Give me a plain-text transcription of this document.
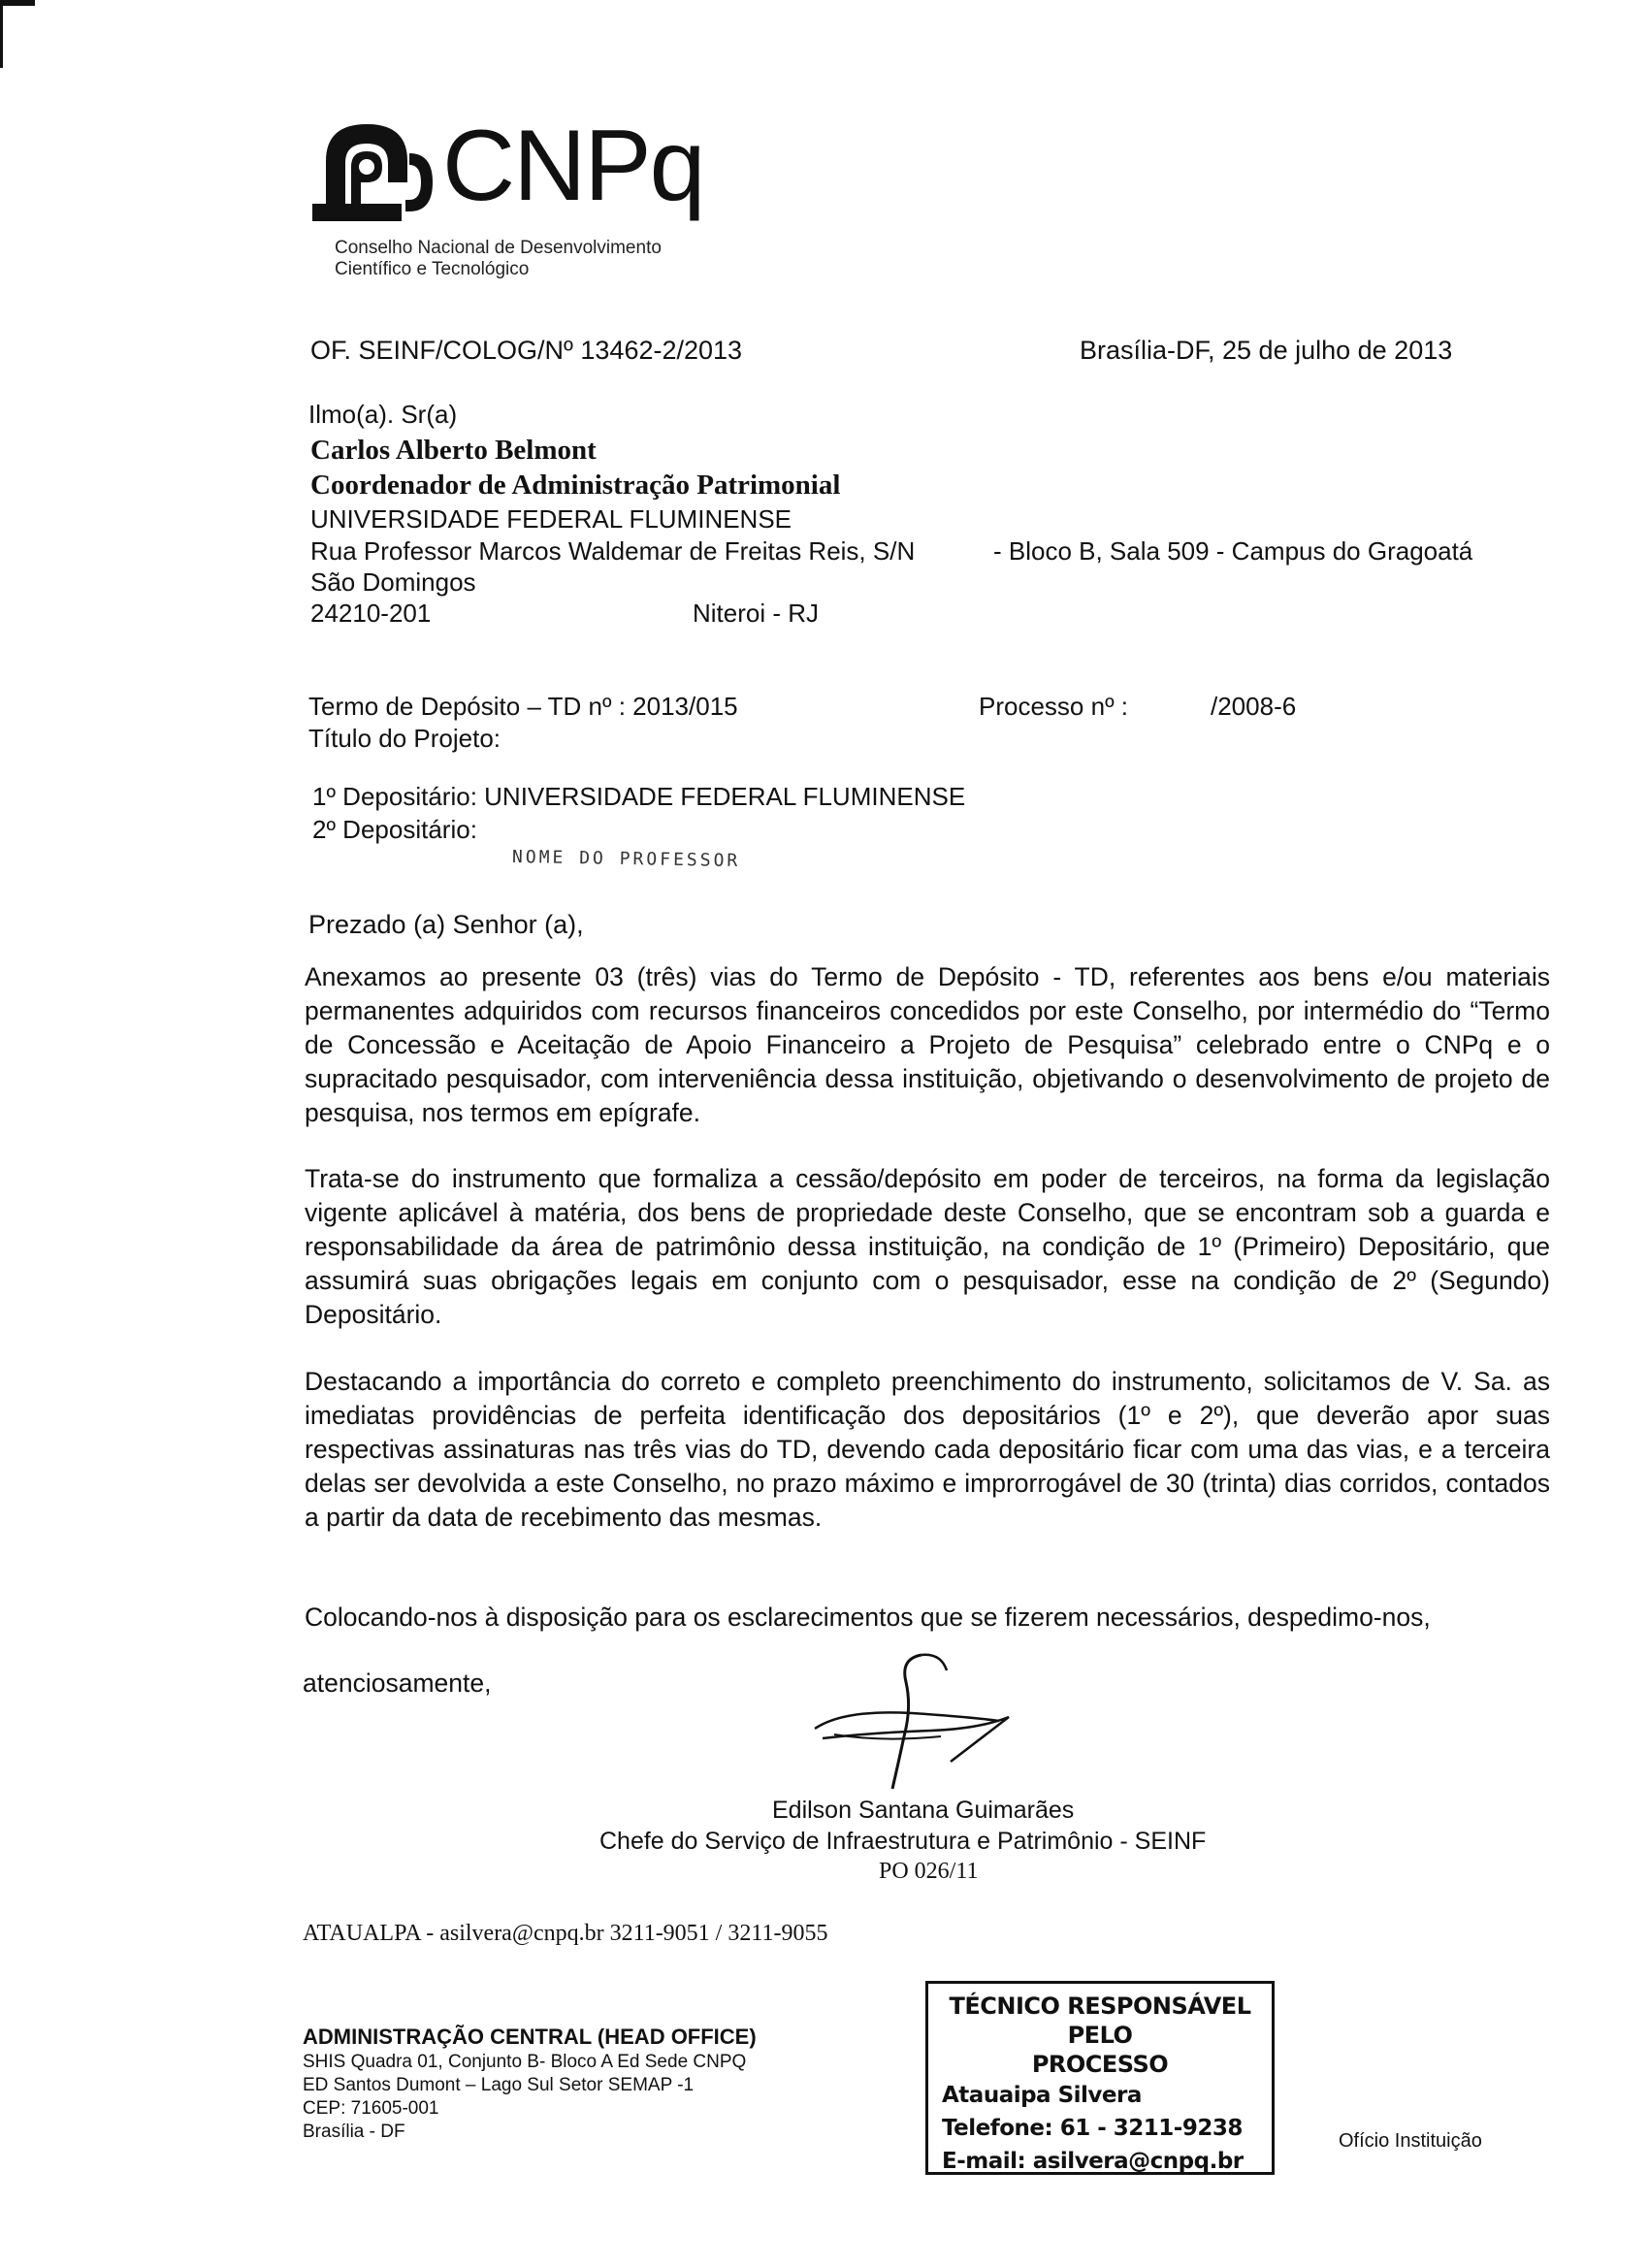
CNPq
Conselho Nacional de Desenvolvimento
Científico e Tecnológico
OF. SEINF/COLOG/Nº 13462-2/2013	Brasília-DF, 25 de julho de 2013
Ilmo(a). Sr(a)
Carlos Alberto Belmont
Coordenador de Administração Patrimonial
UNIVERSIDADE FEDERAL FLUMINENSE
Rua Professor Marcos Waldemar de Freitas Reis, S/N	- Bloco B, Sala 509 - Campus do Gragoatá
São Domingos
24210-201	Niteroi - RJ
Termo de Depósito – TD nº : 2013/015	Processo nº :	/2008-6
Título do Projeto:
1º Depositário: UNIVERSIDADE FEDERAL FLUMINENSE
2º Depositário:
NOME DO PROFESSOR
Prezado (a) Senhor (a),
Anexamos ao presente 03 (três) vias do Termo de Depósito - TD, referentes aos bens e/ou materiais permanentes adquiridos com recursos financeiros concedidos por este Conselho, por intermédio do “Termo de Concessão e Aceitação de Apoio Financeiro a Projeto de Pesquisa” celebrado entre o CNPq e o supracitado pesquisador, com interveniência dessa instituição, objetivando o desenvolvimento de projeto de pesquisa, nos termos em epígrafe.
Trata-se do instrumento que formaliza a cessão/depósito em poder de terceiros, na forma da legislação vigente aplicável à matéria, dos bens de propriedade deste Conselho, que se encontram sob a guarda e responsabilidade da área de patrimônio dessa instituição, na condição de 1º (Primeiro) Depositário, que assumirá suas obrigações legais em conjunto com o pesquisador, esse na condição de 2º (Segundo) Depositário.
Destacando a importância do correto e completo preenchimento do instrumento, solicitamos de V. Sa. as imediatas providências de perfeita identificação dos depositários (1º e 2º), que deverão apor suas respectivas assinaturas nas três vias do TD, devendo cada depositário ficar com uma das vias, e a terceira delas ser devolvida a este Conselho, no prazo máximo e improrrogável de 30 (trinta) dias corridos, contados a partir da data de recebimento das mesmas.
Colocando-nos à disposição para os esclarecimentos que se fizerem necessários, despedimo-nos,
atenciosamente,
Edilson Santana Guimarães
Chefe do Serviço de Infraestrutura e Patrimônio - SEINF
PO 026/11
ATAUALPA - asilvera@cnpq.br 3211-9051 / 3211-9055
ADMINISTRAÇÃO CENTRAL (HEAD OFFICE)
SHIS Quadra 01, Conjunto B- Bloco A Ed Sede CNPQ
ED Santos Dumont – Lago Sul Setor SEMAP -1
CEP: 71605-001
Brasília - DF
TÉCNICO RESPONSÁVEL PELO
PROCESSO
Atauaipa Silvera
Telefone: 61 - 3211-9238
E-mail: asilvera@cnpq.br
Ofício Instituição
